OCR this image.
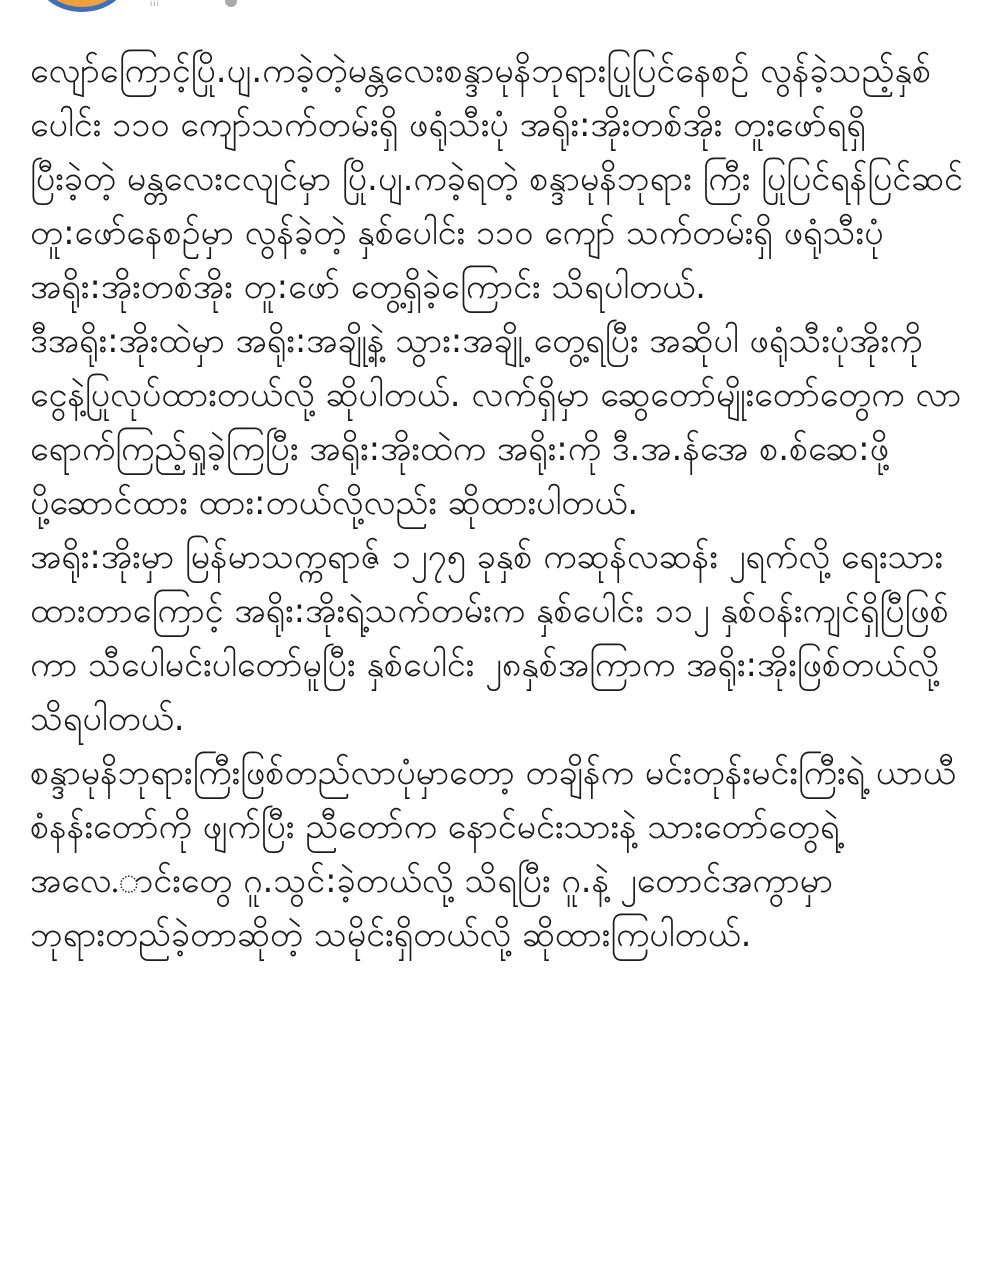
ᵢᵢᵢ

လျော်ကြောင့်ပြို.ပျ.ကခဲ့တဲ့မန္တလေးစန္ဒာမုနိဘုရားပြုပြင်နေစဥ် လွန်ခဲ့သည့်နှစ်ပေါင်း ၁၁၀ ကျော်သက်တမ်းရှိ ဖရုံသီးပုံ အရိုး:အိုးတစ်အိုး တူးဖော်ရရှိ

ပြီးခဲ့တဲ့ မန္တလေးငလျင်မှာ ပြို.ပျ.ကခဲ့ရတဲ့ စန္ဒာမုနိဘုရား ကြီး ပြုပြင်ရန်ပြင်ဆင်တူ:ဖော်နေစဥ်မှာ လွန်ခဲ့တဲ့ နှစ်ပေါင်း ၁၁၀ ကျော် သက်တမ်းရှိ ဖရုံသီးပုံ အရိုး:အိုးတစ်အိုး တူ:ဖော် တွေ့ရှိခဲ့ကြောင်း သိရပါတယ်.

ဒီအရိုး:အိုးထဲမှာ အရိုး:အချို့နဲ့ သွား:အချို့ တွေ့ရပြီး အဆိုပါ ဖရုံသီးပုံအိုးကို ငွေနဲ့ပြုလုပ်ထားတယ်လို့ ဆိုပါတယ်. လက်ရှိမှာ ဆွေတော်မျိုးတော်တွေက လာရောက်ကြည့်ရှုခဲ့ကြပြီး အရိုး:အိုးထဲက အရိုး:ကို ဒီ.အ.န်အေ စ.စ်ဆေ:ဖို့ ပို့ဆောင်ထား ထား:တယ်လို့လည်း ဆိုထားပါတယ်.

အရိုး:အိုးမှာ မြန်မာသက္ကရာဇ် ၁၂၇၅ ခုနှစ် ကဆုန်လဆန်း ၂ရက်လို့ ရေးသားထားတာကြောင့် အရိုး:အိုးရဲ့သက်တမ်းက နှစ်ပေါင်း ၁၁၂ နှစ်ဝန်းကျင်ရှိပြီဖြစ်ကာ သီပေါမင်းပါတော်မူပြီး နှစ်ပေါင်း ၂၈နှစ်အကြာက အရိုး:အိုးဖြစ်တယ်လို့ သိရပါတယ်.

စန္ဒာမုနိဘုရားကြီးဖြစ်တည်လာပုံမှာတော့ တချိန်က မင်းတုန်းမင်းကြီးရဲ့ ယာယီစံနန်းတော်ကို ဖျက်ပြီး ညီတော်က နောင်မင်းသားနဲ့ သားတော်တွေရဲ့ အလေ.ာင်းတွေ ဂူ.သွင်:ခဲ့တယ်လို့ သိရပြီး ဂူ.နဲ့ ၂တောင်အကွာမှာ ဘုရားတည်ခဲ့တာဆိုတဲ့ သမိုင်းရှိတယ်လို့ ဆိုထားကြပါတယ်.
